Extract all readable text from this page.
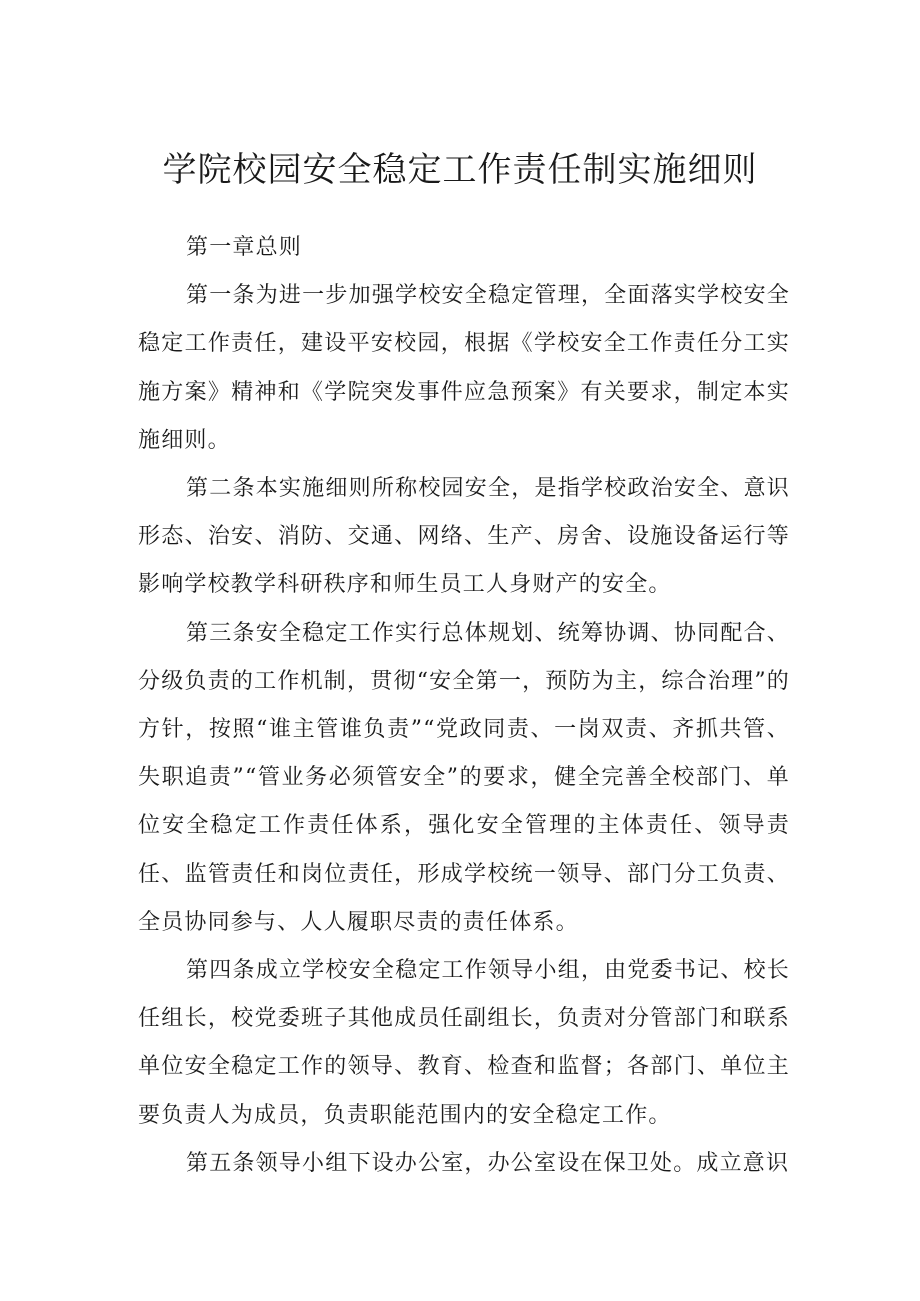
学院校园安全稳定工作责任制实施细则

第一章总则

第一条为进一步加强学校安全稳定管理，全面落实学校安全稳定工作责任，建设平安校园，根据《学校安全工作责任分工实施方案》精神和《学院突发事件应急预案》有关要求，制定本实施细则。

第二条本实施细则所称校园安全，是指学校政治安全、意识形态、治安、消防、交通、网络、生产、房舍、设施设备运行等影响学校教学科研秩序和师生员工人身财产的安全。

第三条安全稳定工作实行总体规划、统筹协调、协同配合、分级负责的工作机制，贯彻“安全第一，预防为主，综合治理”的方针，按照“谁主管谁负责”“党政同责、一岗双责、齐抓共管、失职追责”“管业务必须管安全”的要求，健全完善全校部门、单位安全稳定工作责任体系，强化安全管理的主体责任、领导责任、监管责任和岗位责任，形成学校统一领导、部门分工负责、全员协同参与、人人履职尽责的责任体系。

第四条成立学校安全稳定工作领导小组，由党委书记、校长任组长，校党委班子其他成员任副组长，负责对分管部门和联系单位安全稳定工作的领导、教育、检查和监督；各部门、单位主要负责人为成员，负责职能范围内的安全稳定工作。

第五条领导小组下设办公室，办公室设在保卫处。成立意识
